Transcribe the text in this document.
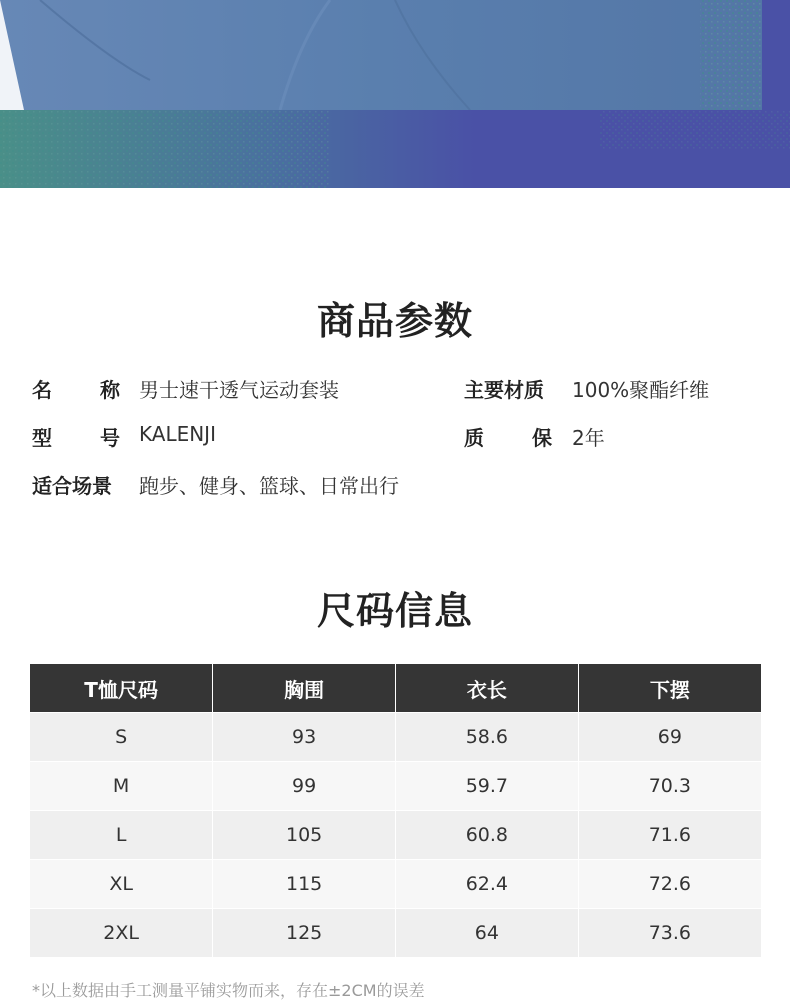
商品参数
名 称 男士速干透气运动套装	主要材质	100%聚酯纤维
型 号 KALENJI	质 保 2年
适合场景	跑步、健身、篮球、日常出行
尺码信息
T恤尺码	胸围	衣长	下摆
S	93	58.6	69
M	99	59.7	70.3
L	105	60.8	71.6
XL	115	62.4	72.6
2XL	125	64	73.6
*以上数据由手工测量平铺实物而来，存在±2CM的误差
